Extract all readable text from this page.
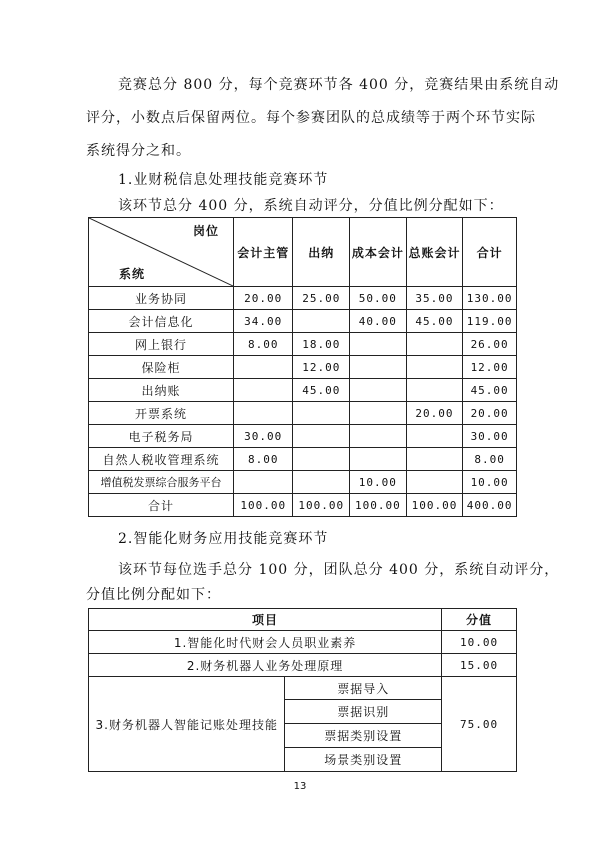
竞赛总分 800 分，每个竞赛环节各 400 分，竞赛结果由系统自动
评分，小数点后保留两位。每个参赛团队的总成绩等于两个环节实际
系统得分之和。
1.业财税信息处理技能竞赛环节
该环节总分 400 分，系统自动评分，分值比例分配如下：
岗位
系统	会计主管	出纳	成本会计	总账会计	合计
业务协同	20.00	25.00	50.00	35.00	130.00
会计信息化	34.00		40.00	45.00	119.00
网上银行	8.00	18.00			26.00
保险柜		12.00			12.00
出纳账		45.00			45.00
开票系统				20.00	20.00
电子税务局	30.00				30.00
自然人税收管理系统	8.00				8.00
增值税发票综合服务平台			10.00		10.00
合计	100.00	100.00	100.00	100.00	400.00
2.智能化财务应用技能竞赛环节
该环节每位选手总分 100 分，团队总分 400 分，系统自动评分，
分值比例分配如下：
项目		分值
1.智能化时代财会人员职业素养		10.00
2.财务机器人业务处理原理		15.00
3.财务机器人智能记账处理技能	票据导入	75.00
	票据识别	
	票据类别设置	
	场景类别设置	
13
